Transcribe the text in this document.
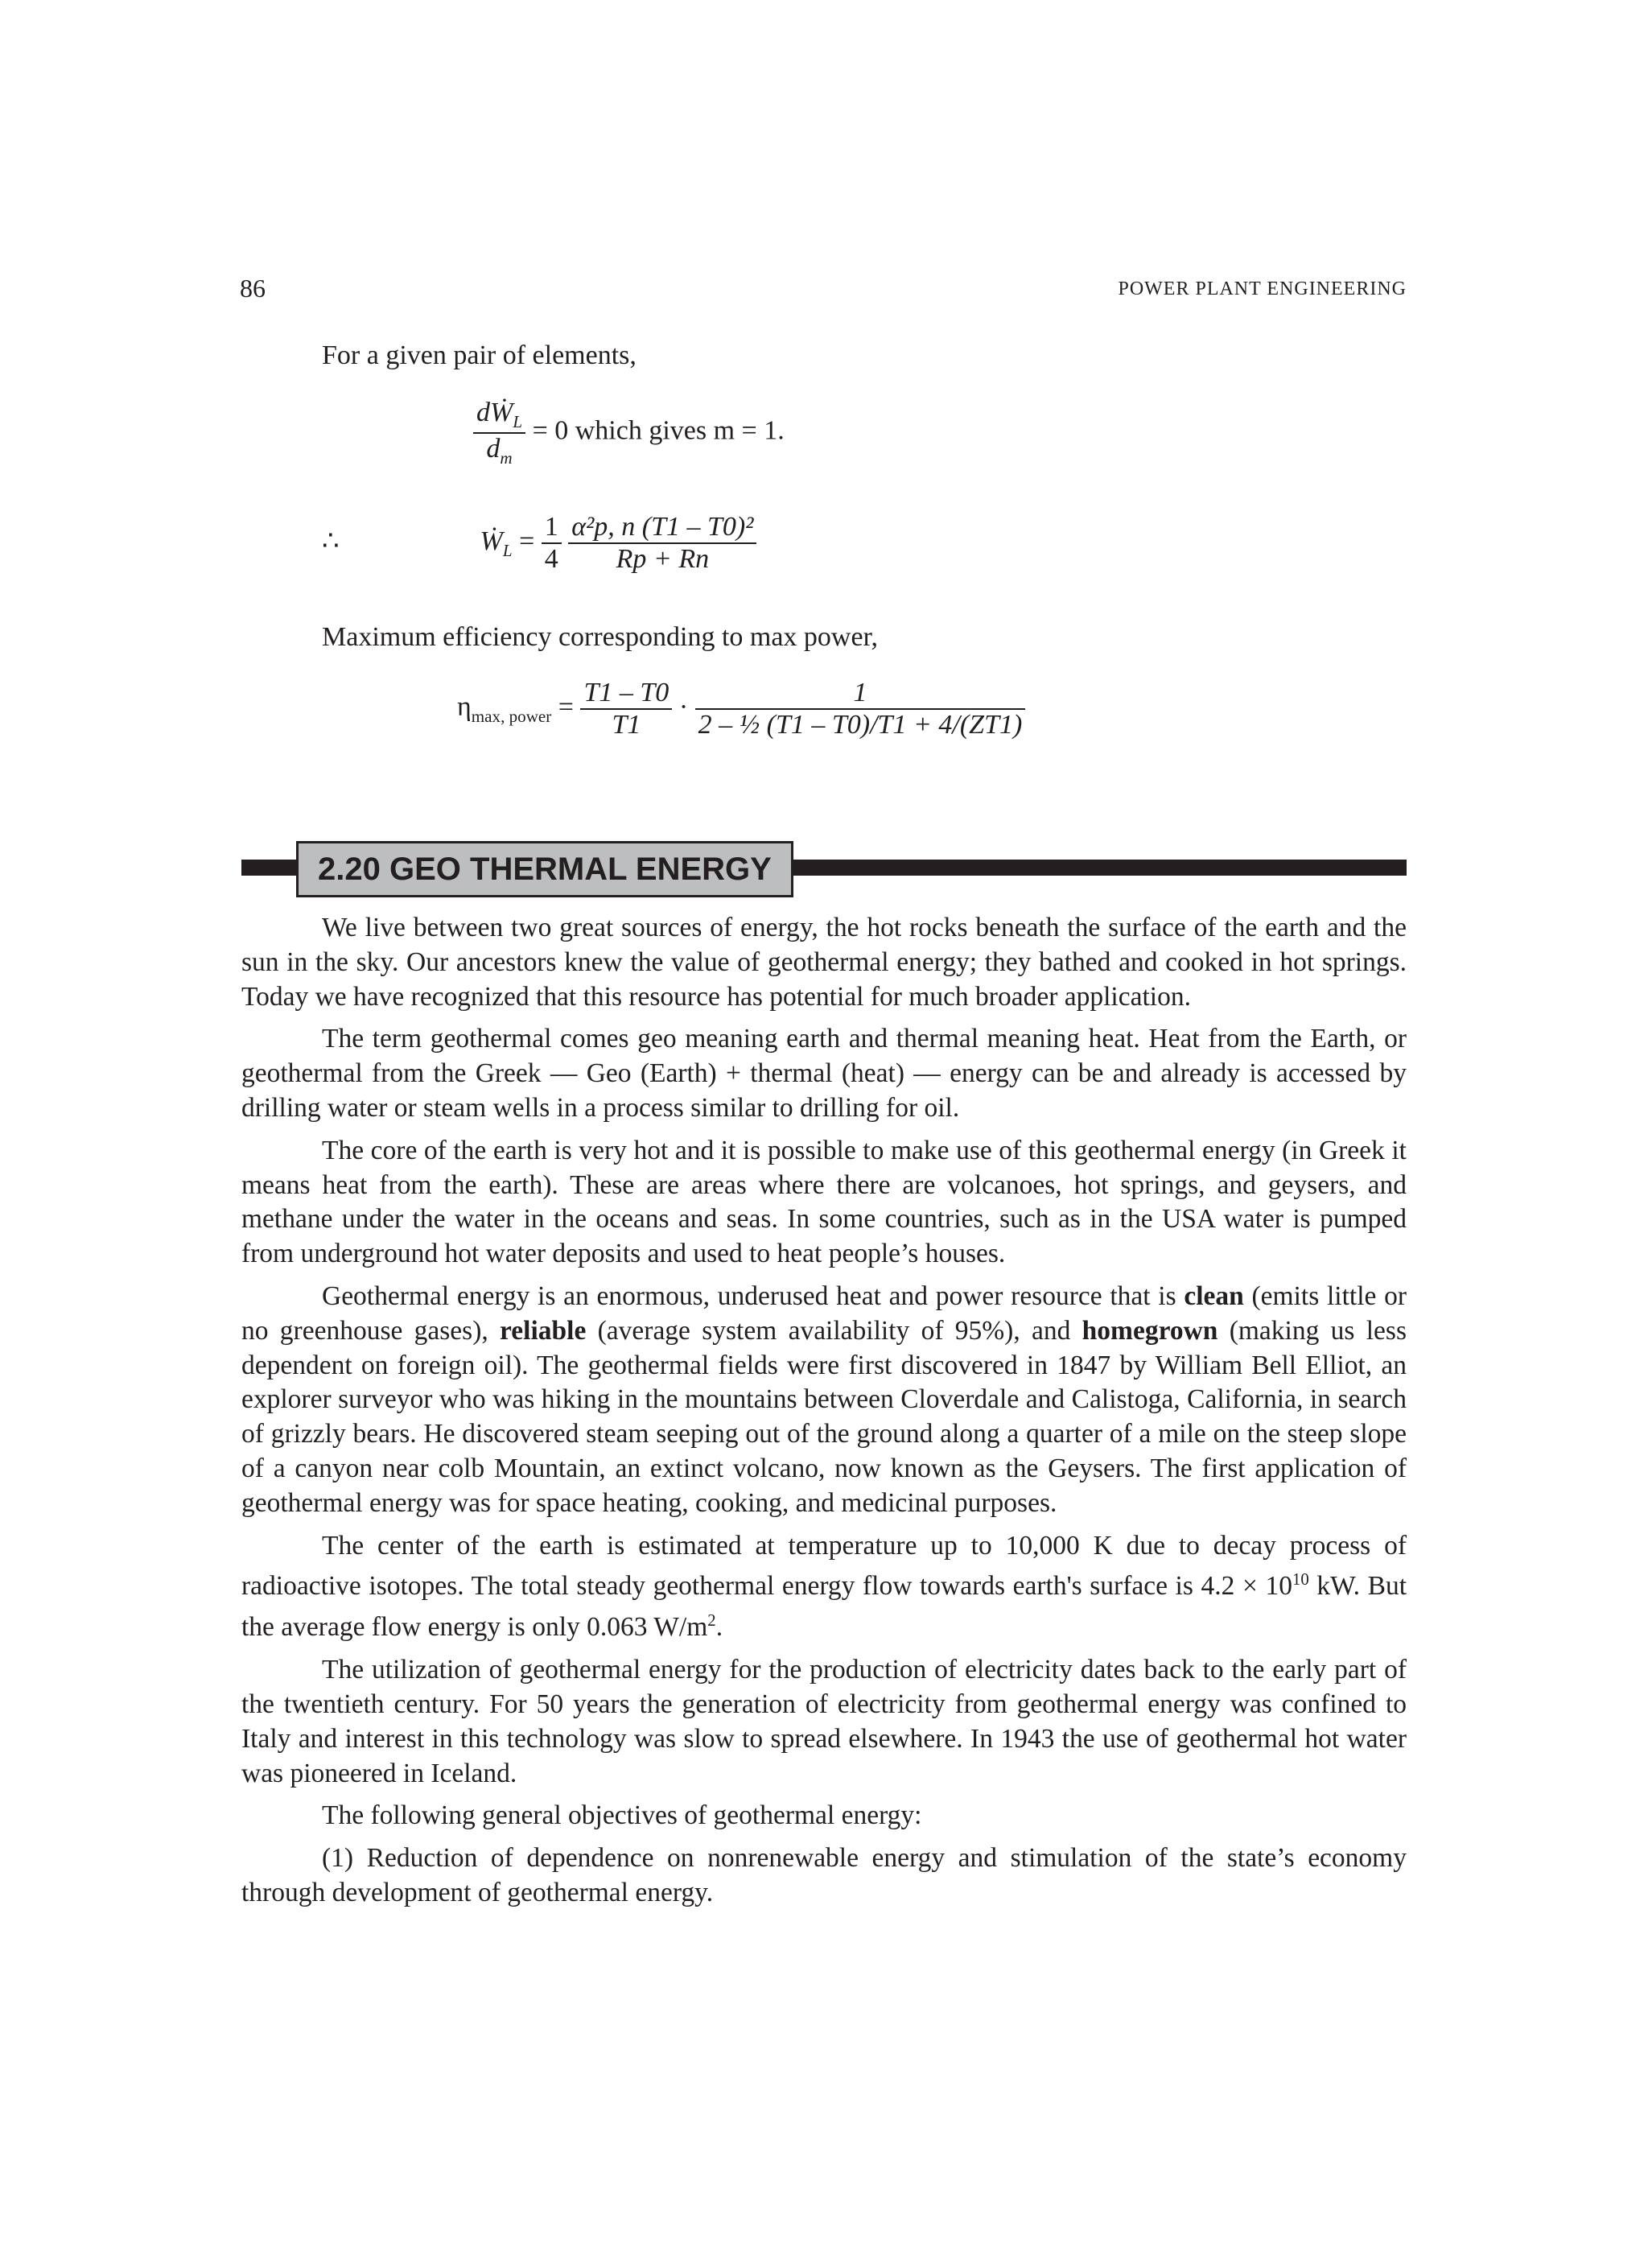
86	POWER PLANT ENGINEERING
For a given pair of elements,
$\frac{dẆ_L}{d_m} = 0$ which gives m = 1.
∴	Ẇ$_L$ = $\frac{1}{4}$
$\frac{\text{α²p, n (T1 – T0)²}}{Rp + Rn}$
Maximum efficiency corresponding to max power,
$\eta_{max, power} = \frac{T1 - T0}{T1} \cdot \frac{1}{\text{2 – ½ (T1 – T0)/T1 + 4/(ZT1)}}$
2.20 GEO THERMAL ENERGY

We live between two great sources of energy, the hot rocks beneath the surface of the earth and the sun in the sky. Our ancestors knew the value of geothermal energy; they bathed and cooked in hot springs. Today we have recognized that this resource has potential for much broader application.

The term geothermal comes geo meaning earth and thermal meaning heat. Heat from the Earth, or geothermal from the Greek — Geo (Earth) + thermal (heat) — energy can be and already is accessed by drilling water or steam wells in a process similar to drilling for oil.

The core of the earth is very hot and it is possible to make use of this geothermal energy (in Greek it means heat from the earth). These are areas where there are volcanoes, hot springs, and geysers, and methane under the water in the oceans and seas. In some countries, such as in the USA water is pumped from underground hot water deposits and used to heat people’s houses.

Geothermal energy is an enormous, underused heat and power resource that is clean (emits little or no greenhouse gases), reliable (average system availability of 95%), and homegrown (making us less dependent on foreign oil). The geothermal fields were first discovered in 1847 by William Bell Elliot, an explorer surveyor who was hiking in the mountains between Cloverdale and Calistoga, California, in search of grizzly bears. He discovered steam seeping out of the ground along a quarter of a mile on the steep slope of a canyon near colb Mountain, an extinct volcano, now known as the Geysers. The first application of geothermal energy was for space heating, cooking, and medicinal purposes.

The center of the earth is estimated at temperature up to 10,000 K due to decay process of radioactive isotopes. The total steady geothermal energy flow towards earth's surface is $4.2 \times 10^{10}$ kW. But the average flow energy is only 0.063 $W/m^2$.

The utilization of geothermal energy for the production of electricity dates back to the early part of the twentieth century. For 50 years the generation of electricity from geothermal energy was confined to Italy and interest in this technology was slow to spread elsewhere. In 1943 the use of geothermal hot water was pioneered in Iceland.

The following general objectives of geothermal energy:

(1) Reduction of dependence on nonrenewable energy and stimulation of the state’s economy through development of geothermal energy.
